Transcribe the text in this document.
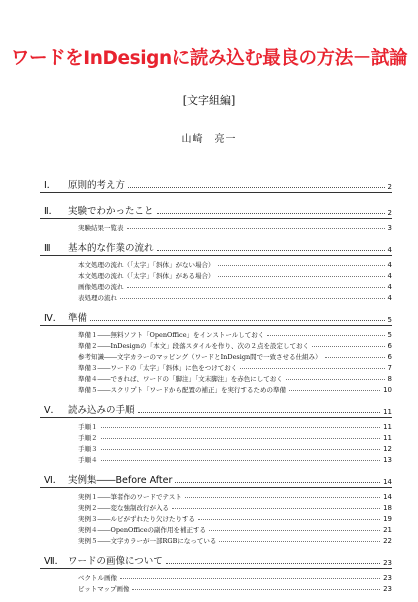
ワードをInDesignに読み込む最良の方法－試論
[文字組編]
山崎　亮一
Ⅰ． 原則的考え方	2
Ⅱ． 実験でわかったこと	2
実験結果一覧表	3
Ⅲ 基本的な作業の流れ	4
本文処理の流れ（「太字」「斜体」がない場合）	4
本文処理の流れ（「太字」「斜体」がある場合）	4
画像処理の流れ	4
表処理の流れ	4
Ⅳ． 準備	5
準備１――無料ソフト「OpenOffice」をインストールしておく	5
準備２――InDesignの「本文」段落スタイルを作り、次の２点を設定しておく	6
参考知識――文字カラーのマッピング（ワードとInDesign間で一致させる仕組み）	6
準備３――ワードの「太字」「斜体」に色をつけておく	7
準備４――できれば、ワードの「脚注」「文末脚注」を赤色にしておく	8
準備５――スクリプト「ワードから配置の補正」を実行するための準備	10
Ⅴ． 読み込みの手順	11
手順１	11
手順２	11
手順３	12
手順４	13
Ⅵ． 実例集――Before After	14
実例１――筆者作のワードでテスト	14
実例２――変な強制改行が入る	18
実例３――ルビがずれたり欠けたりする	19
実例４――OpenOfficeの副作用を補正する	21
実例５――文字カラーが一部RGBになっている	22
Ⅶ． ワードの画像について	23
ベクトル画像	23
ビットマップ画像	23
